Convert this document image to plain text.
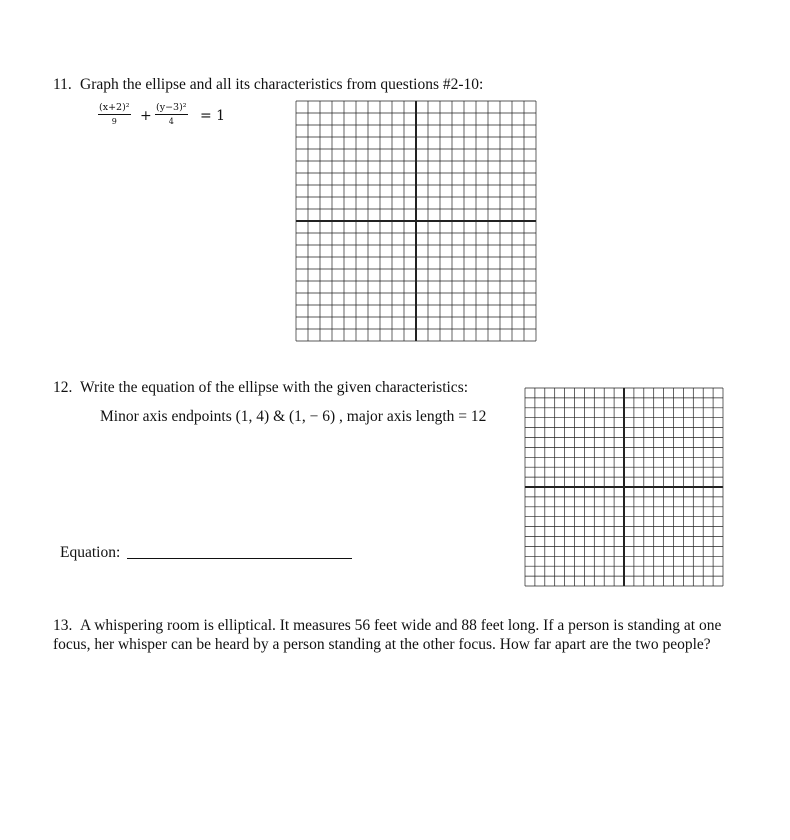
11. Graph the ellipse and all its characteristics from questions #2-10:
(x+2)²
9	+
(y−3)²
4	= 1
12. Write the equation of the ellipse with the given characteristics:
Minor axis endpoints (1, 4) & (1, − 6) , major axis length = 12
Equation:
13. A whispering room is elliptical. It measures 56 feet wide and 88 feet long. If a person is standing at one
focus, her whisper can be heard by a person standing at the other focus. How far apart are the two people?
